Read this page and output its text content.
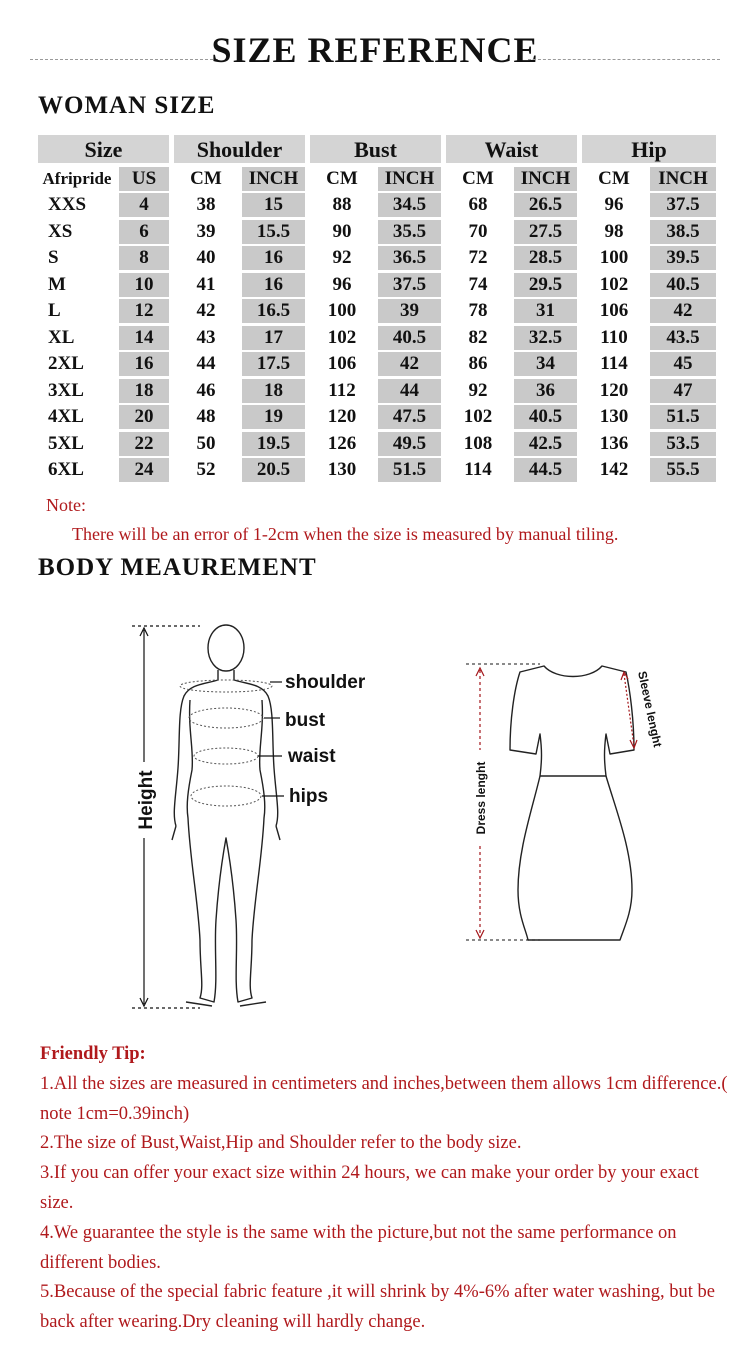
SIZE REFERENCE
WOMAN SIZE
Size	Shoulder	Bust	Waist	Hip
Afripride	US	CM	INCH	CM	INCH	CM	INCH	CM	INCH
XXS	4	38	15	88	34.5	68	26.5	96	37.5
XS	6	39	15.5	90	35.5	70	27.5	98	38.5
S	8	40	16	92	36.5	72	28.5	100	39.5
M	10	41	16	96	37.5	74	29.5	102	40.5
L	12	42	16.5	100	39	78	31	106	42
XL	14	43	17	102	40.5	82	32.5	110	43.5
2XL	16	44	17.5	106	42	86	34	114	45
3XL	18	46	18	112	44	92	36	120	47
4XL	20	48	19	120	47.5	102	40.5	130	51.5
5XL	22	50	19.5	126	49.5	108	42.5	136	53.5
6XL	24	52	20.5	130	51.5	114	44.5	142	55.5
Note:
There will be an error of 1-2cm when the size is measured by manual tiling.
BODY MEAUREMENT
Height
shoulder
bust
waist
hips	Dress lenght
Sleeve lenght

Friendly Tip:

1.All the sizes are measured in centimeters and inches,between them allows 1cm difference.( note 1cm=0.39inch)

2.The size of Bust,Waist,Hip and Shoulder refer to the body size.

3.If you can offer your exact size within 24 hours, we can make your order by your exact size.

4.We guarantee the style is the same with the picture,but not the same performance on different bodies.

5.Because of the special fabric feature ,it will shrink by 4%-6% after water washing, but be back after wearing.Dry cleaning will hardly change.
